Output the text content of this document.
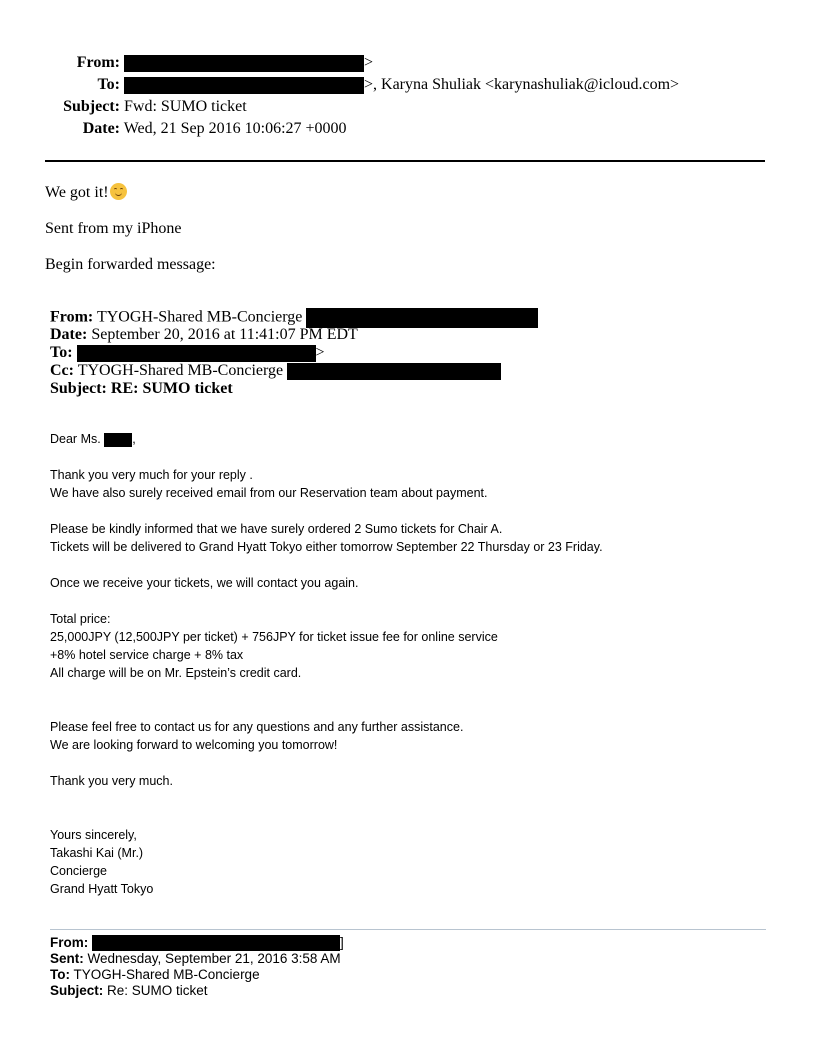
From:	>
To:	>, Karyna Shuliak <karynashuliak@icloud.com>
Subject: Fwd: SUMO ticket
Date: Wed, 21 Sep 2016 10:06:27 +0000
We got it!
Sent from my iPhone
Begin forwarded message:
From: TYOGH-Shared MB-Concierge
Date: September 20, 2016 at 11:41:07 PM EDT
To:	>
Cc: TYOGH-Shared MB-Concierge
Subject: RE: SUMO ticket
Dear Ms.	,
Thank you very much for your reply .
We have also surely received email from our Reservation team about payment.
Please be kindly informed that we have surely ordered 2 Sumo tickets for Chair A.
Tickets will be delivered to Grand Hyatt Tokyo either tomorrow September 22 Thursday or 23 Friday.
Once we receive your tickets, we will contact you again.
Total price:
25,000JPY (12,500JPY per ticket) + 756JPY for ticket issue fee for online service
+8% hotel service charge + 8% tax
All charge will be on Mr. Epstein’s credit card.
Please feel free to contact us for any questions and any further assistance.
We are looking forward to welcoming you tomorrow!
Thank you very much.
Yours sincerely,
Takashi Kai (Mr.)
Concierge
Grand Hyatt Tokyo
From:	]
Sent: Wednesday, September 21, 2016 3:58 AM
To: TYOGH-Shared MB-Concierge
Subject: Re: SUMO ticket
